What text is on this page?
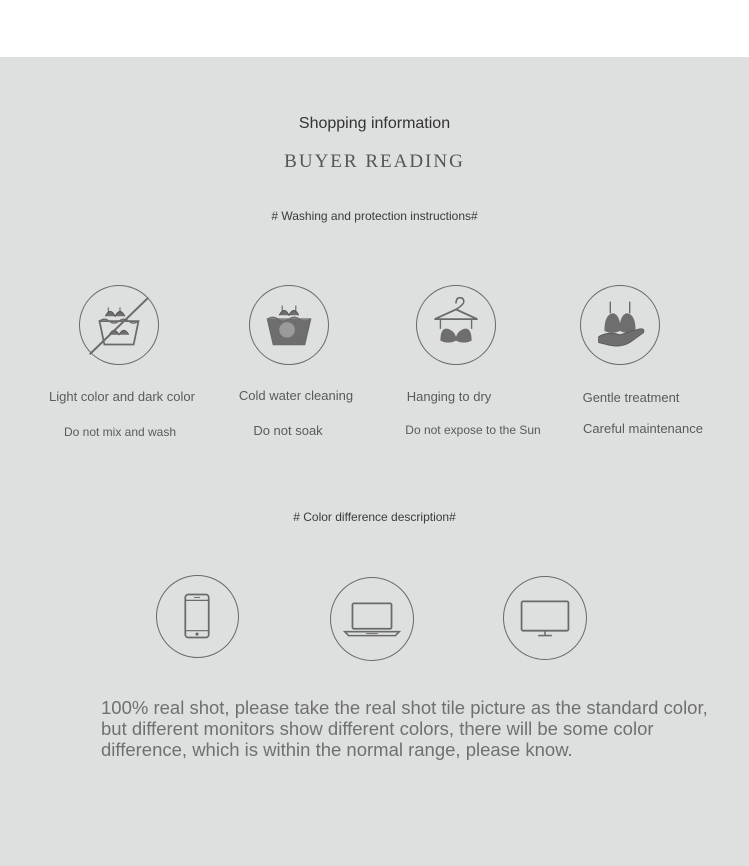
Shopping information
BUYER READING
# Washing and protection instructions#
Light color and dark color
Do not mix and wash
Cold water cleaning
Do not soak
Hanging to dry
Do not expose to the Sun
Gentle treatment
Careful maintenance
# Color difference description#
100% real shot, please take the real shot tile picture as the standard color, but different monitors show different colors, there will be some color difference, which is within the normal range, please know.
